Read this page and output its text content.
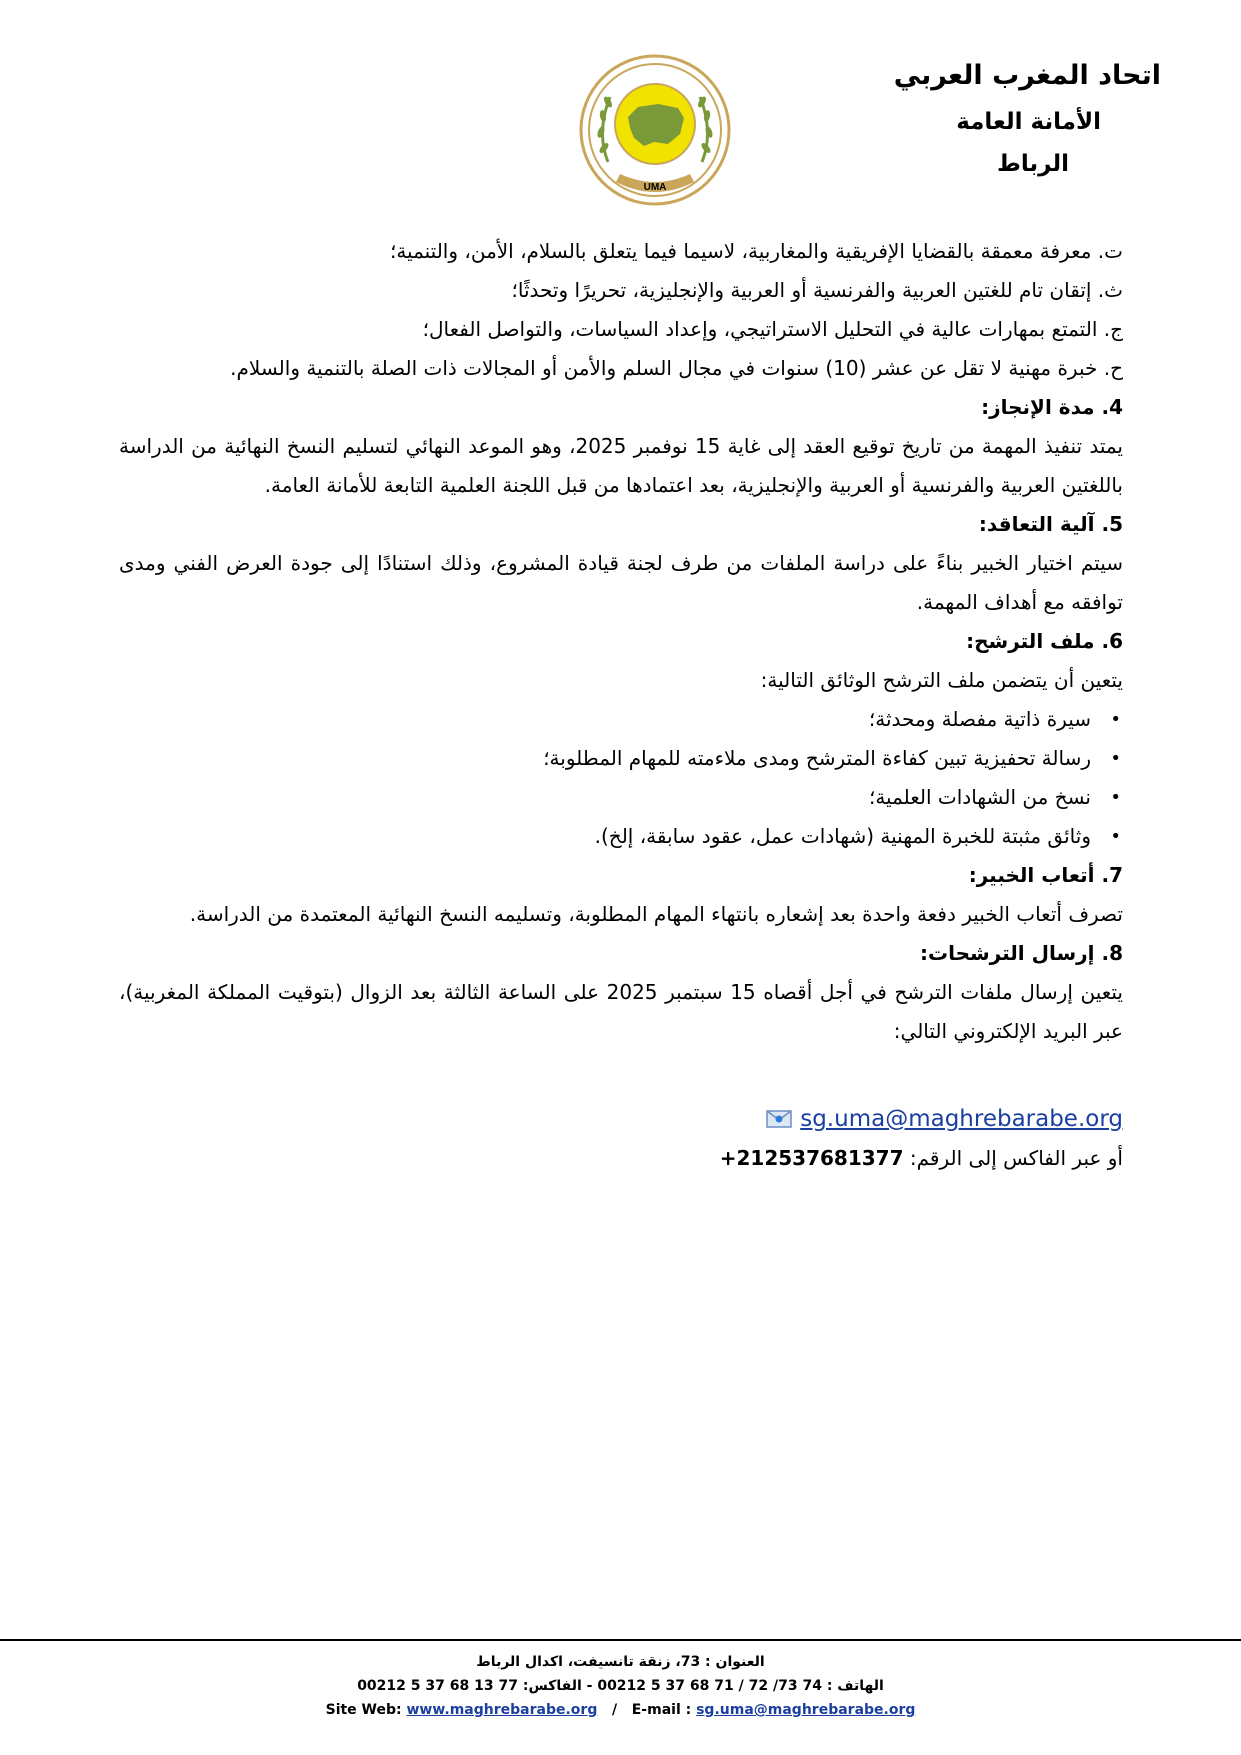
اتحاد المغرب العربي
الأمانة العامة
الرباط
UMA

ت. معرفة معمقة بالقضايا الإفريقية والمغاربية، لاسيما فيما يتعلق بالسلام، الأمن، والتنمية؛

ث. إتقان تام للغتين العربية والفرنسية أو العربية والإنجليزية، تحريرًا وتحدثًا؛

ج. التمتع بمهارات عالية في التحليل الاستراتيجي، وإعداد السياسات، والتواصل الفعال؛

ح. خبرة مهنية لا تقل عن عشر (10) سنوات في مجال السلم والأمن أو المجالات ذات الصلة بالتنمية والسلام.

4. مدة الإنجاز:

يمتد تنفيذ المهمة من تاريخ توقيع العقد إلى غاية 15 نوفمبر 2025، وهو الموعد النهائي لتسليم النسخ النهائية من الدراسة باللغتين العربية والفرنسية أو العربية والإنجليزية، بعد اعتمادها من قبل اللجنة العلمية التابعة للأمانة العامة.

5. آلية التعاقد:

سيتم اختيار الخبير بناءً على دراسة الملفات من طرف لجنة قيادة المشروع، وذلك استنادًا إلى جودة العرض الفني ومدى توافقه مع أهداف المهمة.

6. ملف الترشح:

يتعين أن يتضمن ملف الترشح الوثائق التالية:

•
سيرة ذاتية مفصلة ومحدثة؛
•
رسالة تحفيزية تبين كفاءة المترشح ومدى ملاءمته للمهام المطلوبة؛
•
نسخ من الشهادات العلمية؛
•
وثائق مثبتة للخبرة المهنية (شهادات عمل، عقود سابقة، إلخ).

7. أتعاب الخبير:

تصرف أتعاب الخبير دفعة واحدة بعد إشعاره بانتهاء المهام المطلوبة، وتسليمه النسخ النهائية المعتمدة من الدراسة.

8. إرسال الترشحات:

يتعين إرسال ملفات الترشح في أجل أقصاه 15 سبتمبر 2025 على الساعة الثالثة بعد الزوال (بتوقيت المملكة المغربية)، عبر البريد الإلكتروني التالي:

sg.uma@maghrebarabe.org

أو عبر الفاكس إلى الرقم: +212537681377

العنوان : 73، زنقة تانسيفت، اكدال الرباط
الهاتف : 74 73/ 72 / 71 68 37 5 00212 - الفاكس: 77 13 68 37 5 00212
Site Web: www.maghrebarabe.org / E-mail : sg.uma@maghrebarabe.org
